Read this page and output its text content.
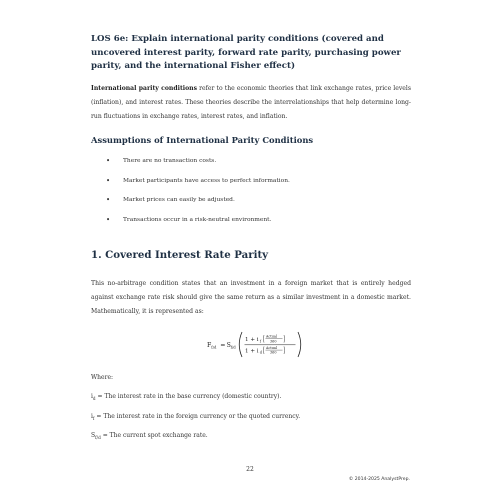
LOS 6e: Explain international parity conditions (covered and uncovered interest parity, forward rate parity, purchasing power parity, and the international Fisher effect)

International parity conditions refer to the economic theories that link exchange rates, price levels (inflation), and interest rates. These theories describe the interrelationships that help determine long-run fluctuations in exchange rates, interest rates, and inflation.

Assumptions of International Parity Conditions
• There are no transaction costs.
• Market participants have access to perfect information.
• Market prices can easily be adjusted.
• Transactions occur in a risk-neutral environment.
1. Covered Interest Rate Parity

This no-arbitrage condition states that an investment in a foreign market that is entirely hedged against exchange rate risk should give the same return as a similar investment in a domestic market. Mathematically, it is represented as:

F f/d = S f/d
1 + i f
Actual
360
1 + i d
Actual
360

Where:

$i_d$ = The interest rate in the base currency (domestic country).

$i_f$ = The interest rate in the foreign currency or the quoted currency.

$S_{f/d}$ = The current spot exchange rate.

22
© 2014-2025 AnalystPrep.
